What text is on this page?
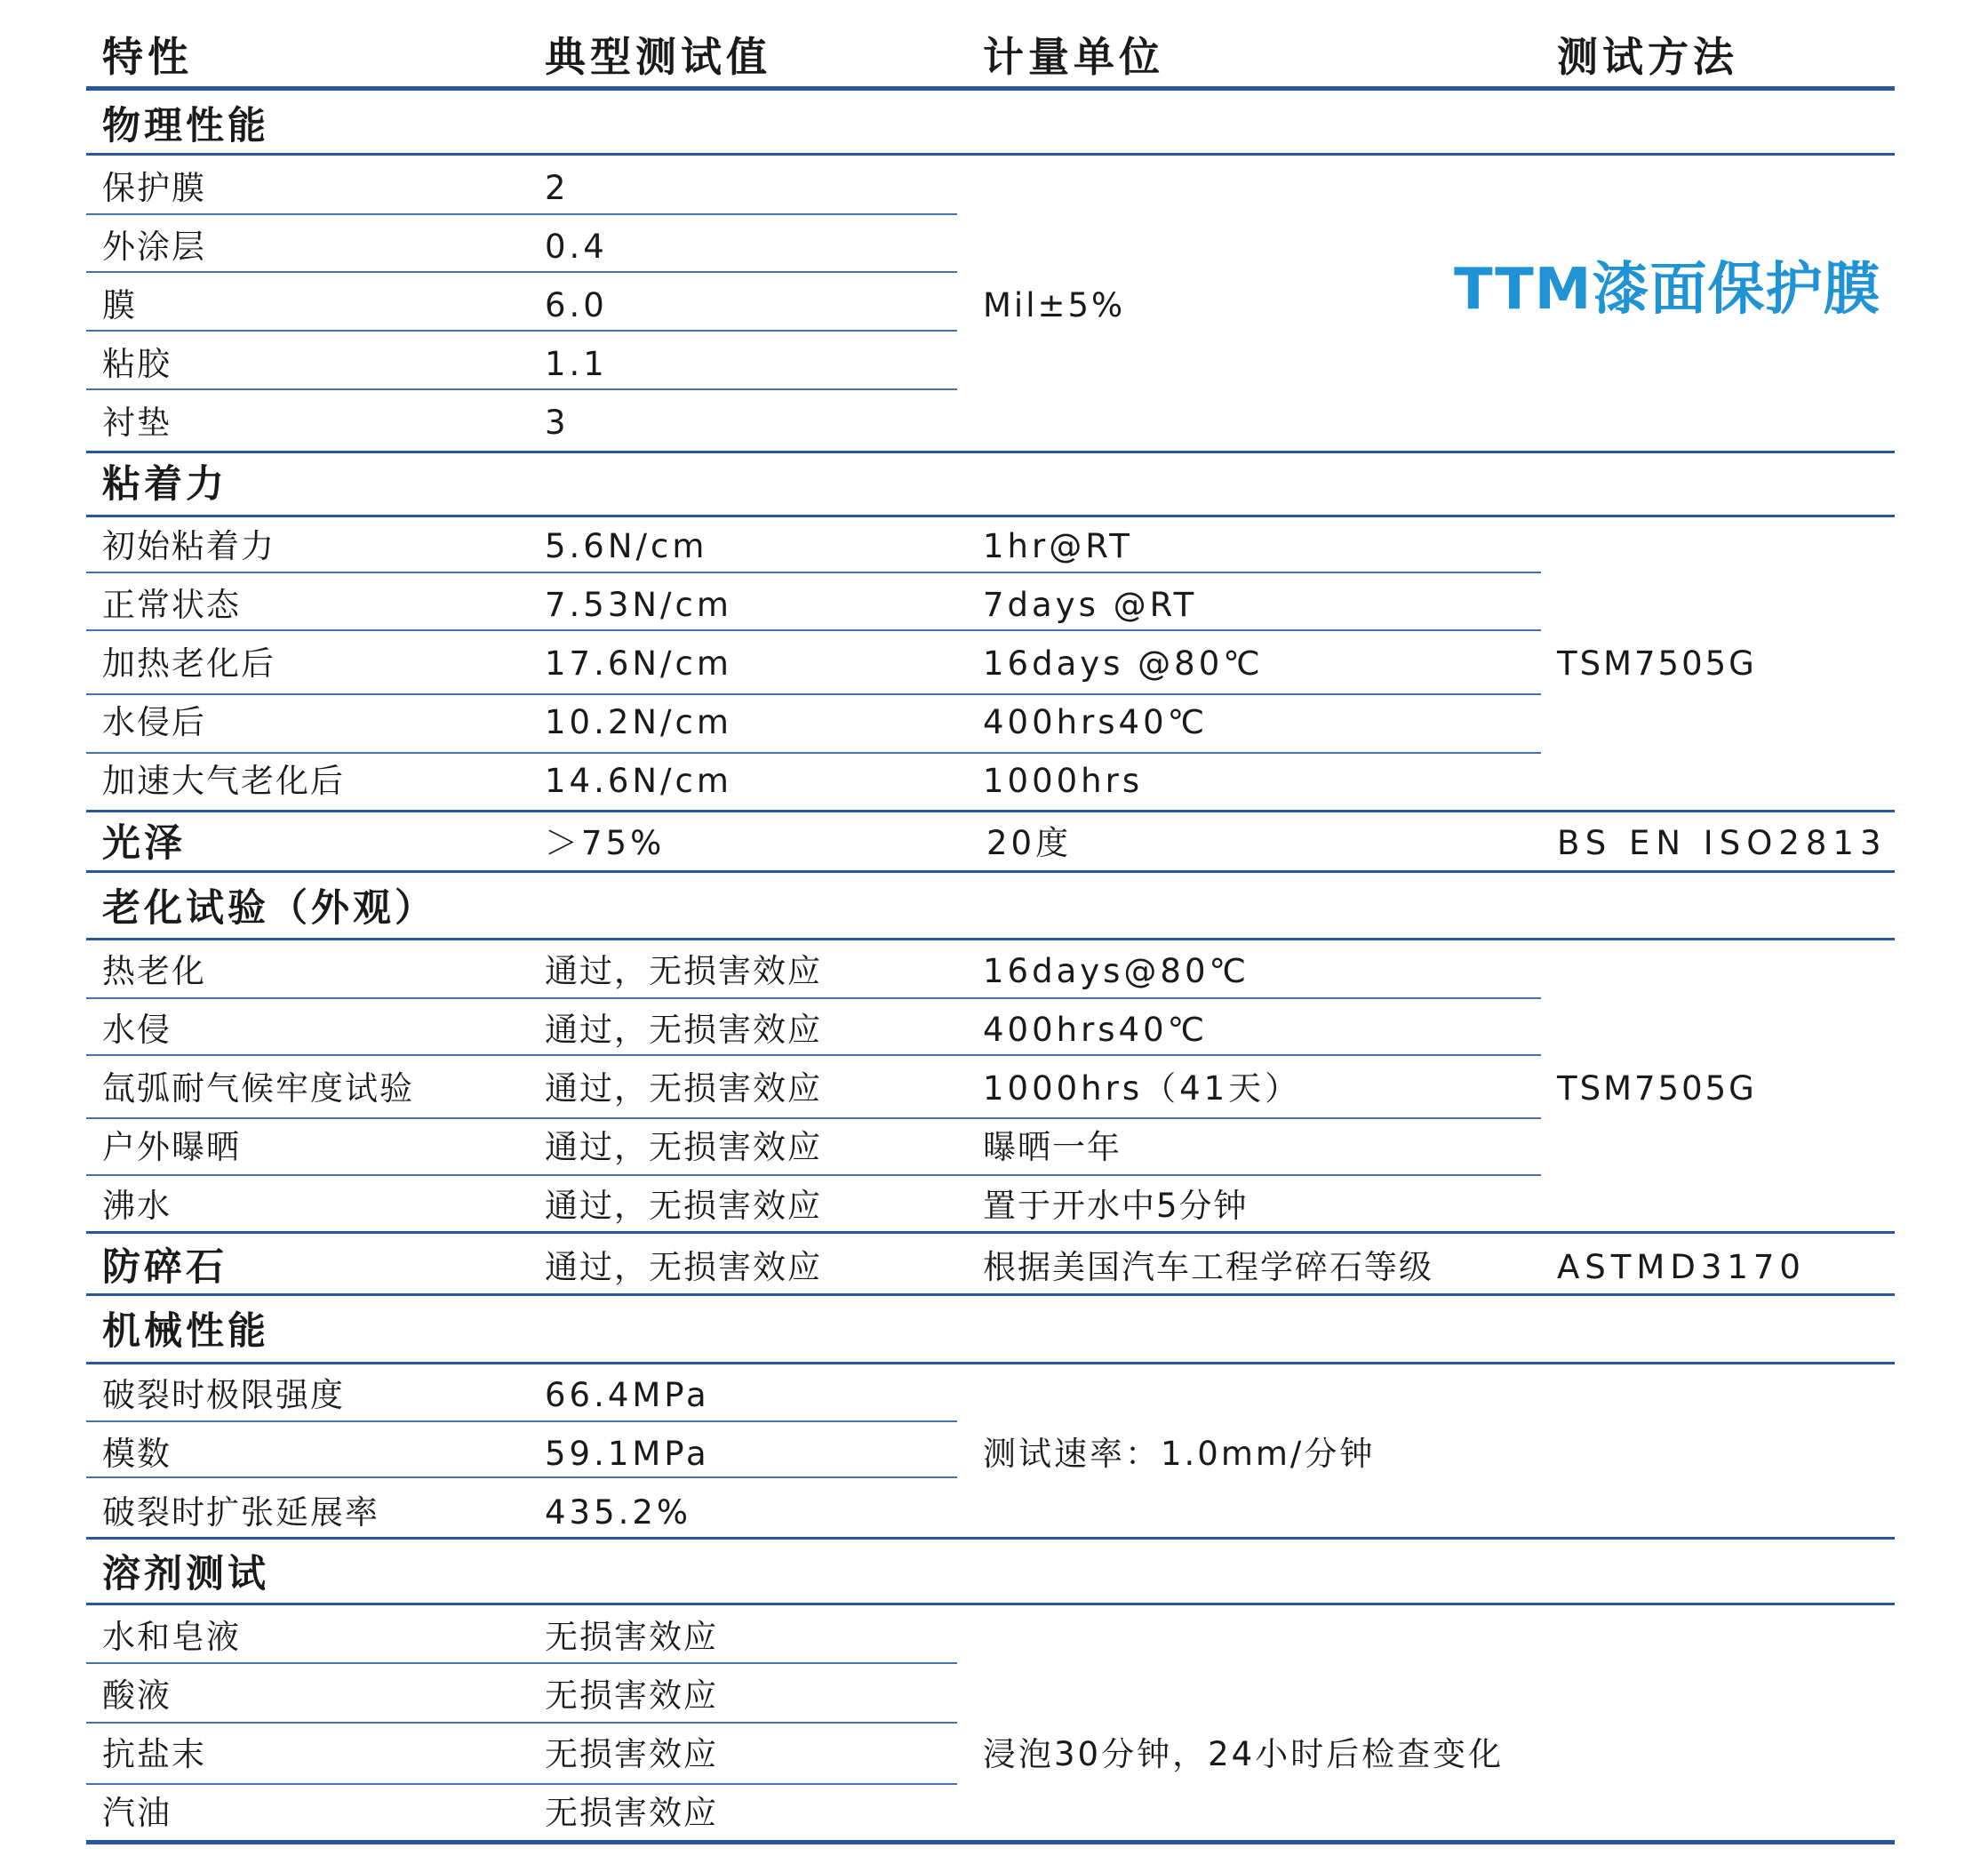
特性	典型测试值	计量单位	测试方法
TTM漆面保护膜
物理性能
保护膜	2
外涂层	0.4
膜	6.0
粘胶	1.1
衬垫	3
Mil±5%
粘着力
初始粘着力	5.6N/cm	1hr@RT
正常状态	7.53N/cm	7days @RT
加热老化后	17.6N/cm	16days @80℃
水侵后	10.2N/cm	400hrs40℃
加速大气老化后	14.6N/cm	1000hrs
TSM7505G
光泽	＞75%	20度	BS EN ISO2813
老化试验（外观）
热老化	通过，无损害效应	16days@80℃
水侵	通过，无损害效应	400hrs40℃
氙弧耐气候牢度试验	通过，无损害效应	1000hrs（41天）
户外曝晒	通过，无损害效应	曝晒一年
沸水	通过，无损害效应	置于开水中5分钟
TSM7505G
防碎石	通过，无损害效应	根据美国汽车工程学碎石等级	ASTMD3170
机械性能
破裂时极限强度	66.4MPa
模数	59.1MPa
破裂时扩张延展率	435.2%
测试速率：1.0mm/分钟
溶剂测试
水和皂液	无损害效应
酸液	无损害效应
抗盐末	无损害效应
汽油	无损害效应
浸泡30分钟，24小时后检查变化
